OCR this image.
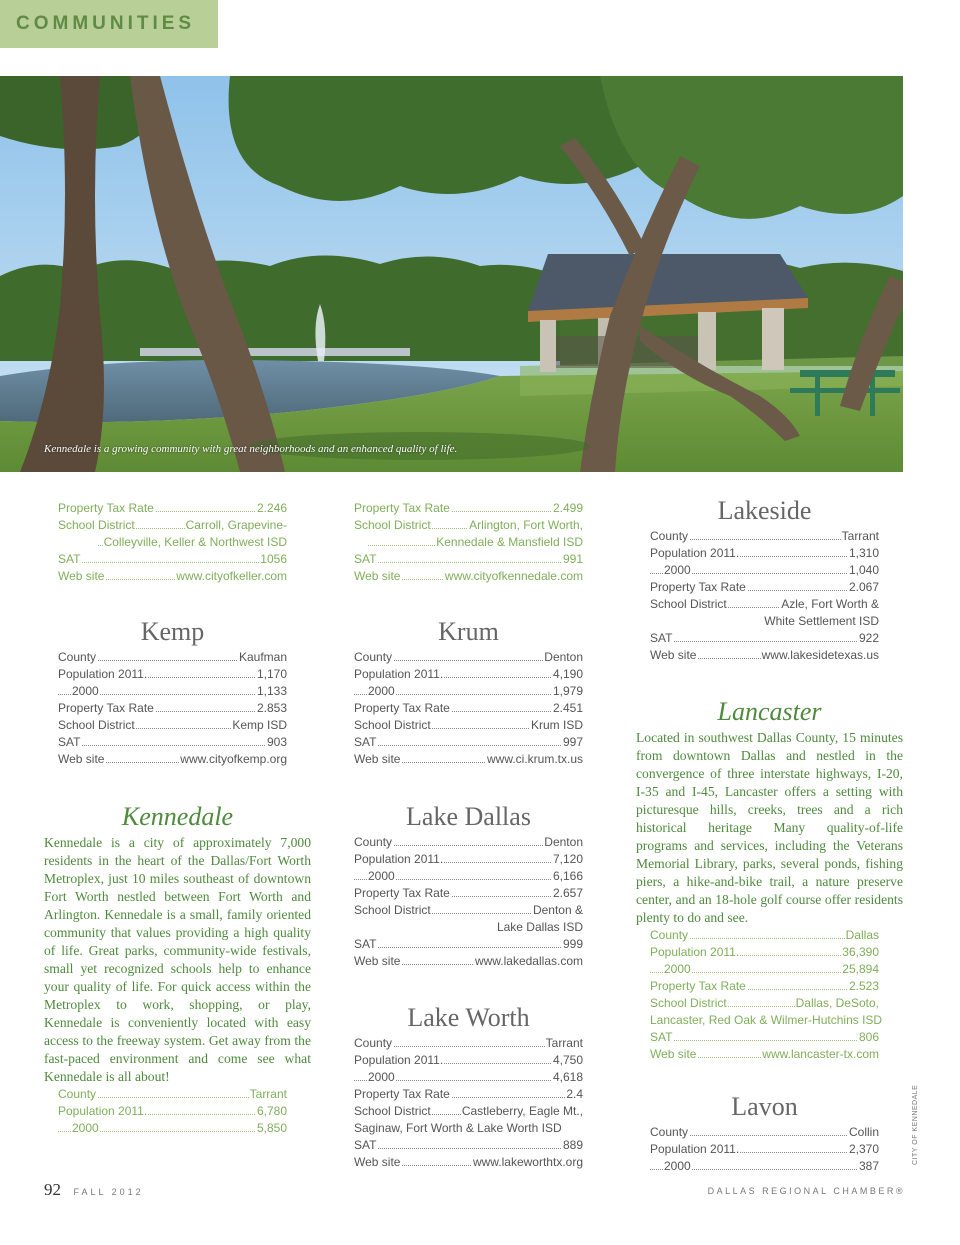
COMMUNITIES
Kennedale is a growing community with great neighborhoods and an enhanced quality of life.
Property Tax Rate	2.246
School District	Carroll, Grapevine-
Colleyville, Keller & Northwest ISD
SAT	1056
Web site	www.cityofkeller.com
Kemp
County	Kaufman
Population 2011.	1,170
2000	1,133
Property Tax Rate	2.853
School District	Kemp ISD
SAT	903
Web site	www.cityofkemp.org
Kennedale
Kennedale is a city of approximately 7,000 residents in the heart of the Dallas/Fort Worth Metroplex, just 10 miles southeast of downtown Fort Worth nestled between Fort Worth and Arlington. Kennedale is a small, family oriented community that values providing a high quality of life. Great parks, community-wide festivals, small yet recognized schools help to enhance your quality of life. For quick access within the Metroplex to work, shopping, or play, Kennedale is conveniently located with easy access to the freeway system. Get away from the fast-paced environment and come see what Kennedale is all about!
County	Tarrant
Population 2011.	6,780
2000	5,850
Property Tax Rate	2.499
School District	Arlington, Fort Worth,
Kennedale & Mansfield ISD
SAT	991
Web site	www.cityofkennedale.com
Krum
County	Denton
Population 2011.	4,190
2000	1,979
Property Tax Rate	2.451
School District	Krum ISD
SAT	997
Web site	www.ci.krum.tx.us
Lake Dallas
County	Denton
Population 2011.	7,120
2000	6,166
Property Tax Rate	2.657
School District	Denton &
Lake Dallas ISD
SAT	999
Web site	www.lakedallas.com
Lake Worth
County	Tarrant
Population 2011.	4,750
2000	4,618
Property Tax Rate	2.4
School District	Castleberry, Eagle Mt.,
Saginaw, Fort Worth & Lake Worth ISD
SAT	889
Web site	www.lakeworthtx.org
Lakeside
County	Tarrant
Population 2011.	1,310
2000	1,040
Property Tax Rate	2.067
School District	Azle, Fort Worth &
White Settlement ISD
SAT	922
Web site	www.lakesidetexas.us
Lancaster
Located in southwest Dallas County, 15 minutes from downtown Dallas and nestled in the convergence of three interstate highways, I-20, I-35 and I-45, Lancaster offers a setting with picturesque hills, creeks, trees and a rich historical heritage Many quality-of-life programs and services, including the Veterans Memorial Library, parks, several ponds, fishing piers, a hike-and-bike trail, a nature preserve center, and an 18-hole golf course offer residents plenty to do and see.
County	Dallas
Population 2011.	36,390
2000	25,894
Property Tax Rate	2.523
School District	Dallas, DeSoto,
Lancaster, Red Oak & Wilmer-Hutchins ISD
SAT	806
Web site	www.lancaster-tx.com
Lavon
County	Collin
Population 2011.	2,370
2000	387
CITY OF KENNEDALE
92 FALL 2012	DALLAS REGIONAL CHAMBER®
